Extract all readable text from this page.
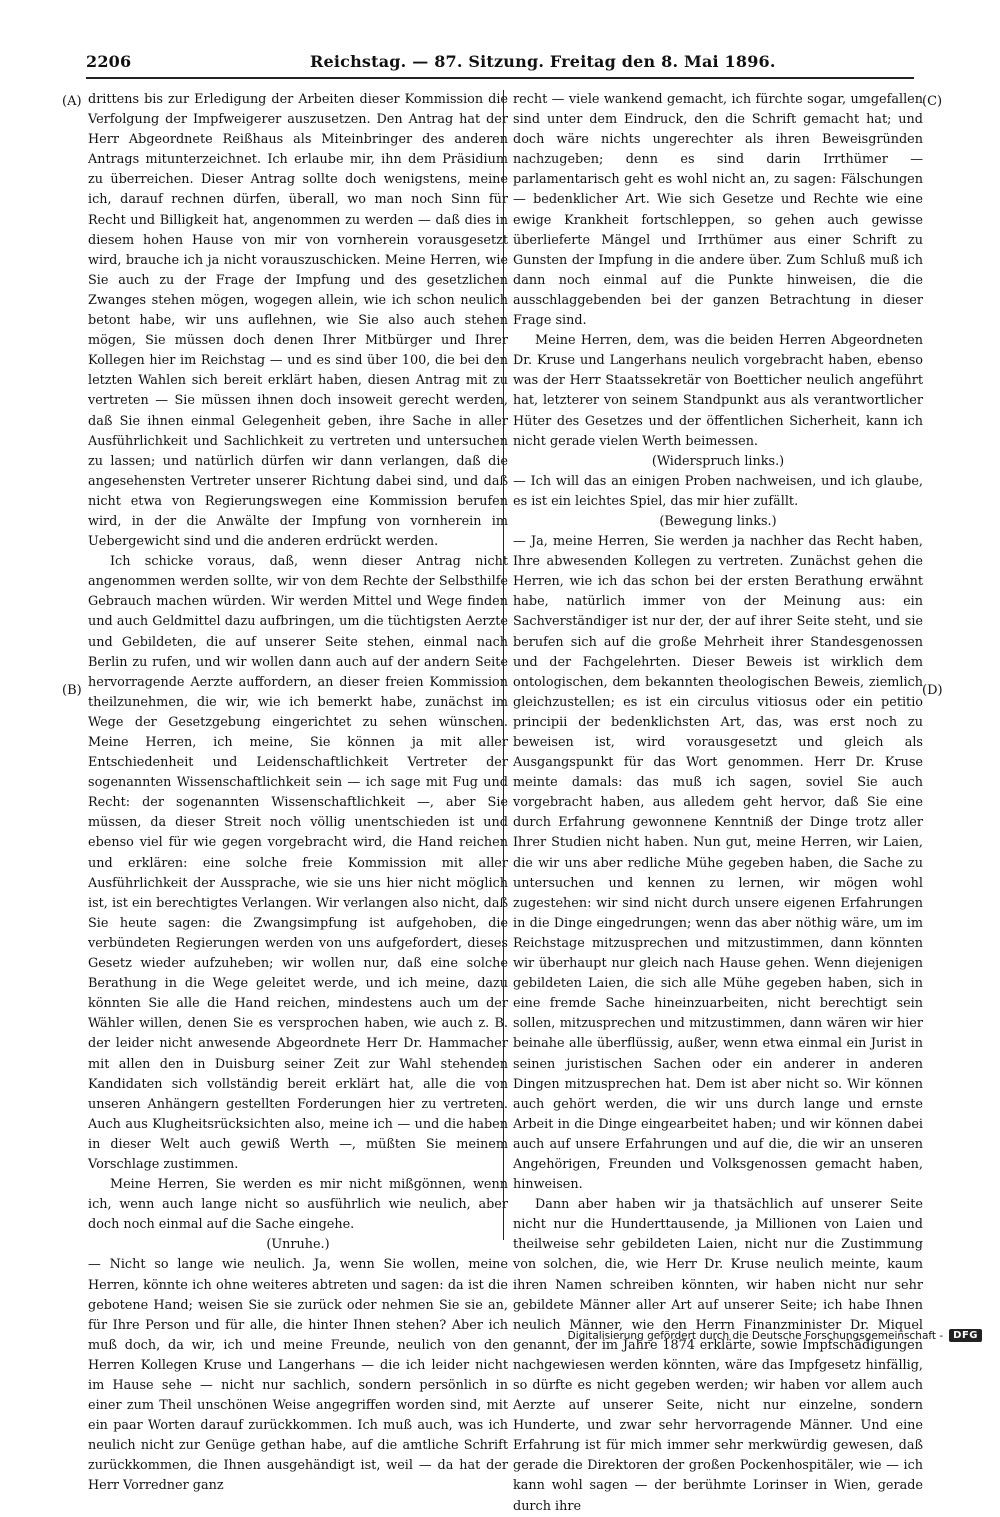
2206	Reichstag. — 87. Sitzung. Freitag den 8. Mai 1896.
(A)
(B)
(C)
(D)

drittens bis zur Erledigung der Arbeiten dieser Kommission die Verfolgung der Impfweigerer auszusetzen. Den Antrag hat der Herr Abgeordnete Reißhaus als Miteinbringer des anderen Antrags mitunterzeichnet. Ich erlaube mir, ihn dem Präsidium zu überreichen. Dieser Antrag sollte doch wenigstens, meine ich, darauf rechnen dürfen, überall, wo man noch Sinn für Recht und Billigkeit hat, angenommen zu werden — daß dies in diesem hohen Hause von mir von vornherein vorausgesetzt wird, brauche ich ja nicht vorauszuschicken. Meine Herren, wie Sie auch zu der Frage der Impfung und des gesetzlichen Zwanges stehen mögen, wogegen allein, wie ich schon neulich betont habe, wir uns auflehnen, wie Sie also auch stehen mögen, Sie müssen doch denen Ihrer Mitbürger und Ihrer Kollegen hier im Reichstag — und es sind über 100, die bei den letzten Wahlen sich bereit erklärt haben, diesen Antrag mit zu vertreten — Sie müssen ihnen doch insoweit gerecht werden, daß Sie ihnen einmal Gelegenheit geben, ihre Sache in aller Ausführlichkeit und Sachlichkeit zu vertreten und untersuchen zu lassen; und natürlich dürfen wir dann verlangen, daß die angesehensten Vertreter unserer Richtung dabei sind, und daß nicht etwa von Regierungswegen eine Kommission berufen wird, in der die Anwälte der Impfung von vornherein im Uebergewicht sind und die anderen erdrückt werden.

Ich schicke voraus, daß, wenn dieser Antrag nicht angenommen werden sollte, wir von dem Rechte der Selbsthilfe Gebrauch machen würden. Wir werden Mittel und Wege finden und auch Geldmittel dazu aufbringen, um die tüchtigsten Aerzte und Gebildeten, die auf unserer Seite stehen, einmal nach Berlin zu rufen, und wir wollen dann auch auf der andern Seite hervorragende Aerzte auffordern, an dieser freien Kommission theilzunehmen, die wir, wie ich bemerkt habe, zunächst im Wege der Gesetzgebung eingerichtet zu sehen wünschen. Meine Herren, ich meine, Sie können ja mit aller Entschiedenheit und Leidenschaftlichkeit Vertreter der sogenannten Wissenschaftlichkeit sein — ich sage mit Fug und Recht: der sogenannten Wissenschaftlichkeit —, aber Sie müssen, da dieser Streit noch völlig unentschieden ist und ebenso viel für wie gegen vorgebracht wird, die Hand reichen und erklären: eine solche freie Kommission mit aller Ausführlichkeit der Aussprache, wie sie uns hier nicht möglich ist, ist ein berechtigtes Verlangen. Wir verlangen also nicht, daß Sie heute sagen: die Zwangsimpfung ist aufgehoben, die verbündeten Regierungen werden von uns aufgefordert, dieses Gesetz wieder aufzuheben; wir wollen nur, daß eine solche Berathung in die Wege geleitet werde, und ich meine, dazu könnten Sie alle die Hand reichen, mindestens auch um der Wähler willen, denen Sie es versprochen haben, wie auch z. B. der leider nicht anwesende Abgeordnete Herr Dr. Hammacher mit allen den in Duisburg seiner Zeit zur Wahl stehenden Kandidaten sich vollständig bereit erklärt hat, alle die von unseren Anhängern gestellten Forderungen hier zu vertreten. Auch aus Klugheitsrücksichten also, meine ich — und die haben in dieser Welt auch gewiß Werth —, müßten Sie meinem Vorschlage zustimmen.

Meine Herren, Sie werden es mir nicht mißgönnen, wenn ich, wenn auch lange nicht so ausführlich wie neulich, aber doch noch einmal auf die Sache eingehe.

(Unruhe.)

— Nicht so lange wie neulich. Ja, wenn Sie wollen, meine Herren, könnte ich ohne weiteres abtreten und sagen: da ist die gebotene Hand; weisen Sie sie zurück oder nehmen Sie sie an, für Ihre Person und für alle, die hinter Ihnen stehen? Aber ich muß doch, da wir, ich und meine Freunde, neulich von den Herren Kollegen Kruse und Langerhans — die ich leider nicht im Hause sehe — nicht nur sachlich, sondern persönlich in einer zum Theil unschönen Weise angegriffen worden sind, mit ein paar Worten darauf zurückkommen. Ich muß auch, was ich neulich nicht zur Genüge gethan habe, auf die amtliche Schrift zurückkommen, die Ihnen ausgehändigt ist, weil — da hat der Herr Vorredner ganz

recht — viele wankend gemacht, ich fürchte sogar, umgefallen sind unter dem Eindruck, den die Schrift gemacht hat; und doch wäre nichts ungerechter als ihren Beweisgründen nachzugeben; denn es sind darin Irrthümer — parlamentarisch geht es wohl nicht an, zu sagen: Fälschungen — bedenklicher Art. Wie sich Gesetze und Rechte wie eine ewige Krankheit fortschleppen, so gehen auch gewisse überlieferte Mängel und Irrthümer aus einer Schrift zu Gunsten der Impfung in die andere über. Zum Schluß muß ich dann noch einmal auf die Punkte hinweisen, die die ausschlaggebenden bei der ganzen Betrachtung in dieser Frage sind.

Meine Herren, dem, was die beiden Herren Abgeordneten Dr. Kruse und Langerhans neulich vorgebracht haben, ebenso was der Herr Staatssekretär von Boetticher neulich angeführt hat, letzterer von seinem Standpunkt aus als verantwortlicher Hüter des Gesetzes und der öffentlichen Sicherheit, kann ich nicht gerade vielen Werth beimessen.

(Widerspruch links.)

— Ich will das an einigen Proben nachweisen, und ich glaube, es ist ein leichtes Spiel, das mir hier zufällt.

(Bewegung links.)

— Ja, meine Herren, Sie werden ja nachher das Recht haben, Ihre abwesenden Kollegen zu vertreten. Zunächst gehen die Herren, wie ich das schon bei der ersten Berathung erwähnt habe, natürlich immer von der Meinung aus: ein Sachverständiger ist nur der, der auf ihrer Seite steht, und sie berufen sich auf die große Mehrheit ihrer Standesgenossen und der Fachgelehrten. Dieser Beweis ist wirklich dem ontologischen, dem bekannten theologischen Beweis, ziemlich gleichzustellen; es ist ein circulus vitiosus oder ein petitio principii der bedenklichsten Art, das, was erst noch zu beweisen ist, wird vorausgesetzt und gleich als Ausgangspunkt für das Wort genommen. Herr Dr. Kruse meinte damals: das muß ich sagen, soviel Sie auch vorgebracht haben, aus alledem geht hervor, daß Sie eine durch Erfahrung gewonnene Kenntniß der Dinge trotz aller Ihrer Studien nicht haben. Nun gut, meine Herren, wir Laien, die wir uns aber redliche Mühe gegeben haben, die Sache zu untersuchen und kennen zu lernen, wir mögen wohl zugestehen: wir sind nicht durch unsere eigenen Erfahrungen in die Dinge eingedrungen; wenn das aber nöthig wäre, um im Reichstage mitzusprechen und mitzustimmen, dann könnten wir überhaupt nur gleich nach Hause gehen. Wenn diejenigen gebildeten Laien, die sich alle Mühe gegeben haben, sich in eine fremde Sache hineinzuarbeiten, nicht berechtigt sein sollen, mitzusprechen und mitzustimmen, dann wären wir hier beinahe alle überflüssig, außer, wenn etwa einmal ein Jurist in seinen juristischen Sachen oder ein anderer in anderen Dingen mitzusprechen hat. Dem ist aber nicht so. Wir können auch gehört werden, die wir uns durch lange und ernste Arbeit in die Dinge eingearbeitet haben; und wir können dabei auch auf unsere Erfahrungen und auf die, die wir an unseren Angehörigen, Freunden und Volksgenossen gemacht haben, hinweisen.

Dann aber haben wir ja thatsächlich auf unserer Seite nicht nur die Hunderttausende, ja Millionen von Laien und theilweise sehr gebildeten Laien, nicht nur die Zustimmung von solchen, die, wie Herr Dr. Kruse neulich meinte, kaum ihren Namen schreiben könnten, wir haben nicht nur sehr gebildete Männer aller Art auf unserer Seite; ich habe Ihnen neulich Männer, wie den Herrn Finanzminister Dr. Miquel genannt, der im Jahre 1874 erklärte, sowie Impfschädigungen nachgewiesen werden könnten, wäre das Impfgesetz hinfällig, so dürfte es nicht gegeben werden; wir haben vor allem auch Aerzte auf unserer Seite, nicht nur einzelne, sondern Hunderte, und zwar sehr hervorragende Männer. Und eine Erfahrung ist für mich immer sehr merkwürdig gewesen, daß gerade die Direktoren der großen Pockenhospitäler, wie — ich kann wohl sagen — der berühmte Lorinser in Wien, gerade durch ihre

Digitalisierung gefördert durch die Deutsche Forschungsgemeinschaft -	DFG
